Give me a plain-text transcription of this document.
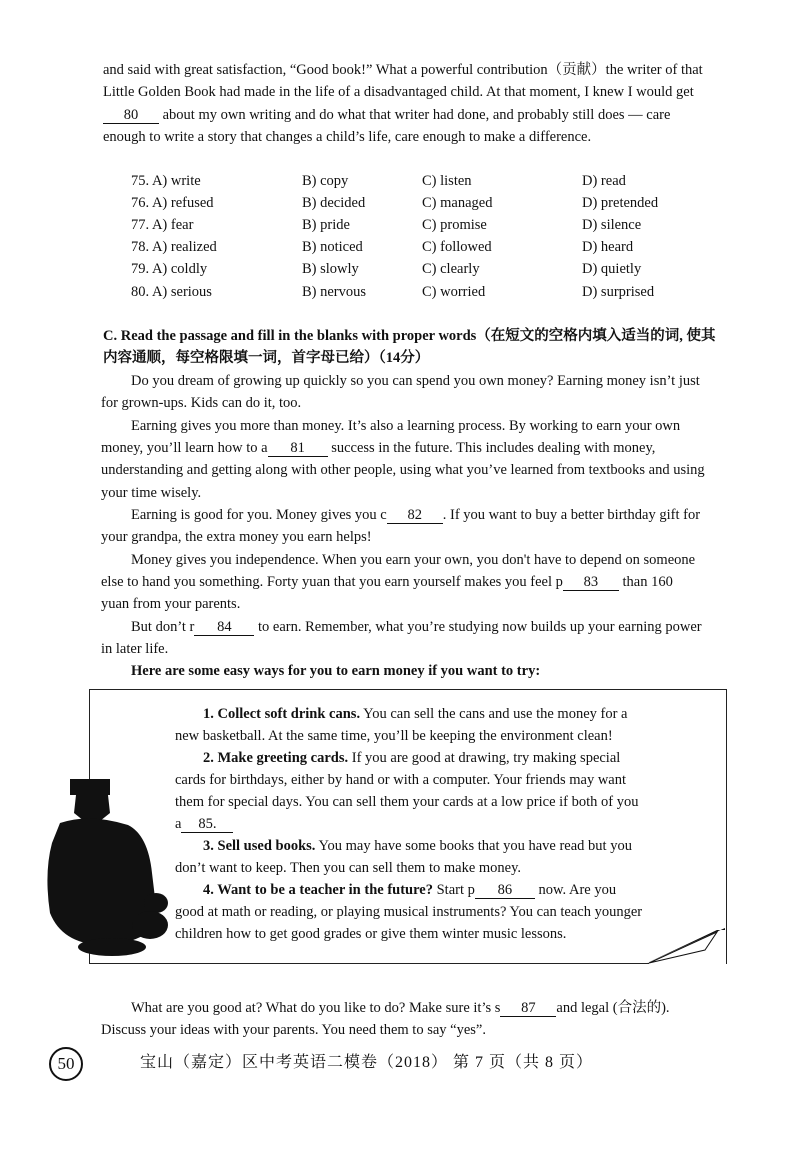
and said with great satisfaction, “Good book!” What a powerful contribution（贡献）the writer of that
Little Golden Book had made in the life of a disadvantaged child. At that moment, I knew I would get
80 about my own writing and do what that writer had done, and probably still does — care
enough to write a story that changes a child’s life, care enough to make a difference.
75. A) write	B) copy	C) listen	D) read
76. A) refused	B) decided	C) managed	D) pretended
77. A) fear	B) pride	C) promise	D) silence
78. A) realized	B) noticed	C) followed	D) heard
79. A) coldly	B) slowly	C) clearly	D) quietly
80. A) serious	B) nervous	C) worried	D) surprised
C. Read the passage and fill in the blanks with proper words（在短文的空格内填入适当的词, 使其
内容通顺，每空格限填一词，首字母已给）（14分）
Do you dream of growing up quickly so you can spend you own money? Earning money isn’t just
for grown-ups. Kids can do it, too.
Earning gives you more than money. It’s also a learning process. By working to earn your own
money, you’ll learn how to a 81 success in the future. This includes dealing with money,
understanding and getting along with other people, using what you’ve learned from textbooks and using
your time wisely.
Earning is good for you. Money gives you c 82 . If you want to buy a better birthday gift for
your grandpa, the extra money you earn helps!
Money gives you independence. When you earn your own, you don't have to depend on someone
else to hand you something. Forty yuan that you earn yourself makes you feel p 83 than 160
yuan from your parents.
But don’t r 84 to earn. Remember, what you’re studying now builds up your earning power
in later life.
Here are some easy ways for you to earn money if you want to try:
1. Collect soft drink cans. You can sell the cans and use the money for a
new basketball. At the same time, you’ll be keeping the environment clean!
2. Make greeting cards. If you are good at drawing, try making special
cards for birthdays, either by hand or with a computer. Your friends may want
them for special days. You can sell them your cards at a low price if both of you
a 85.
3. Sell used books. You may have some books that you have read but you
don’t want to keep. Then you can sell them to make money.
4. Want to be a teacher in the future? Start p 86 now. Are you
good at math or reading, or playing musical instruments? You can teach younger
children how to get good grades or give them winter music lessons.
What are you good at? What do you like to do? Make sure it’s s 87 and legal (合法的).
Discuss your ideas with your parents. You need them to say “yes”.
50	宝山（嘉定）区中考英语二模卷（2018） 第 7 页（共 8 页）
